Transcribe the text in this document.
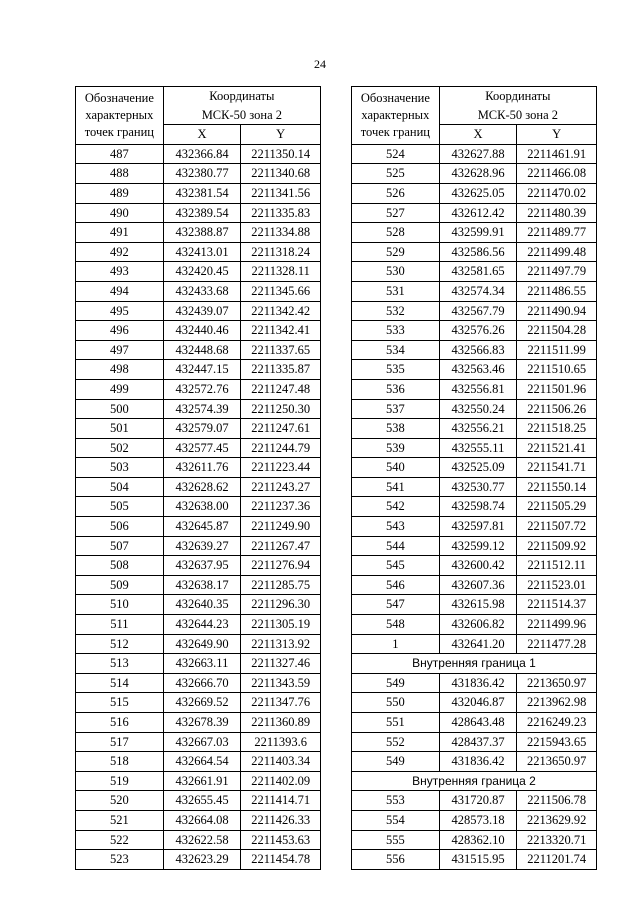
24
Обозначение
характерных
точек границ	Координаты	
	МСК-50 зона 2	
	X	Y
487	432366.84	2211350.14
488	432380.77	2211340.68
489	432381.54	2211341.56
490	432389.54	2211335.83
491	432388.87	2211334.88
492	432413.01	2211318.24
493	432420.45	2211328.11
494	432433.68	2211345.66
495	432439.07	2211342.42
496	432440.46	2211342.41
497	432448.68	2211337.65
498	432447.15	2211335.87
499	432572.76	2211247.48
500	432574.39	2211250.30
501	432579.07	2211247.61
502	432577.45	2211244.79
503	432611.76	2211223.44
504	432628.62	2211243.27
505	432638.00	2211237.36
506	432645.87	2211249.90
507	432639.27	2211267.47
508	432637.95	2211276.94
509	432638.17	2211285.75
510	432640.35	2211296.30
511	432644.23	2211305.19
512	432649.90	2211313.92
513	432663.11	2211327.46
514	432666.70	2211343.59
515	432669.52	2211347.76
516	432678.39	2211360.89
517	432667.03	2211393.6
518	432664.54	2211403.34
519	432661.91	2211402.09
520	432655.45	2211414.71
521	432664.08	2211426.33
522	432622.58	2211453.63
523	432623.29	2211454.78
Обозначение
характерных
точек границ	Координаты	
	МСК-50 зона 2	
	X	Y
524	432627.88	2211461.91
525	432628.96	2211466.08
526	432625.05	2211470.02
527	432612.42	2211480.39
528	432599.91	2211489.77
529	432586.56	2211499.48
530	432581.65	2211497.79
531	432574.34	2211486.55
532	432567.79	2211490.94
533	432576.26	2211504.28
534	432566.83	2211511.99
535	432563.46	2211510.65
536	432556.81	2211501.96
537	432550.24	2211506.26
538	432556.21	2211518.25
539	432555.11	2211521.41
540	432525.09	2211541.71
541	432530.77	2211550.14
542	432598.74	2211505.29
543	432597.81	2211507.72
544	432599.12	2211509.92
545	432600.42	2211512.11
546	432607.36	2211523.01
547	432615.98	2211514.37
548	432606.82	2211499.96
1	432641.20	2211477.28
Внутренняя граница 1		
549	431836.42	2213650.97
550	432046.87	2213962.98
551	428643.48	2216249.23
552	428437.37	2215943.65
549	431836.42	2213650.97
Внутренняя граница 2		
553	431720.87	2211506.78
554	428573.18	2213629.92
555	428362.10	2213320.71
556	431515.95	2211201.74
